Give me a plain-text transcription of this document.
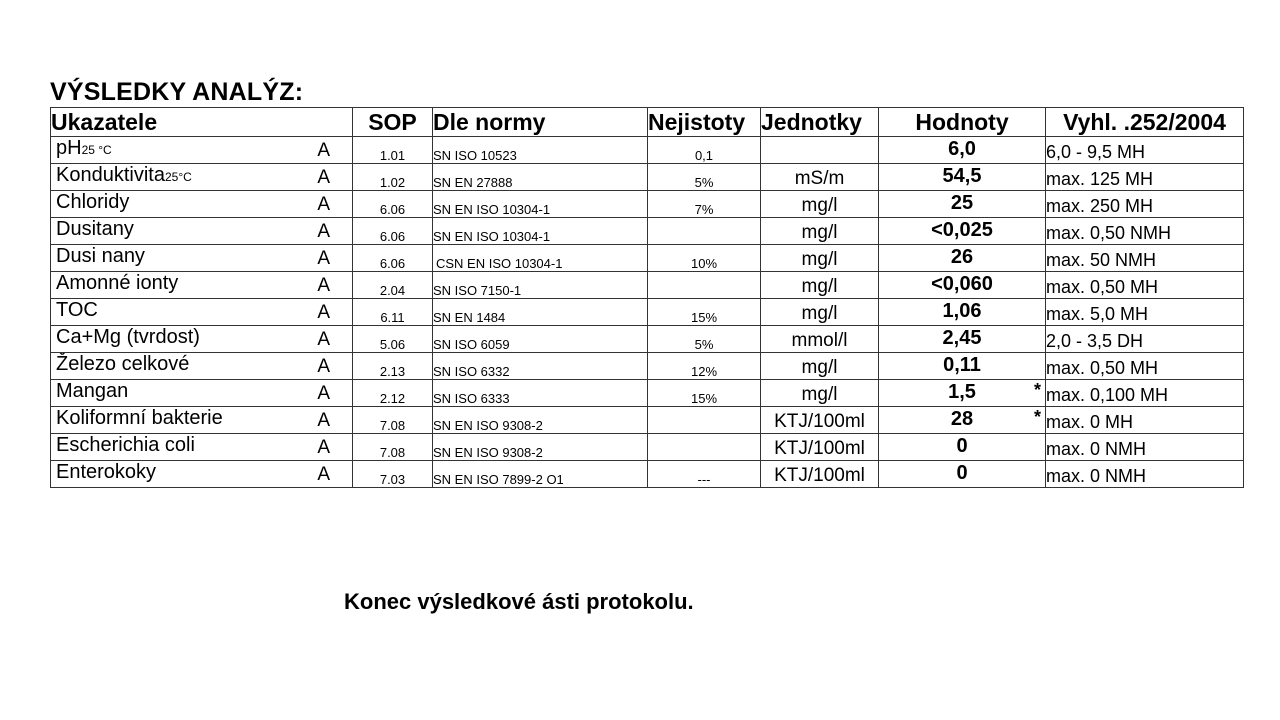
VÝSLEDKY ANALÝZ:
Ukazatele	SOP	Dle normy	Nejistoty	Jednotky	Hodnoty	Vyhl. .252/2004

pH25 °C A	1.01	SN ISO 10523	0,1		6,0	6,0 - 9,5 MH

Konduktivita25°C A	1.02	SN EN 27888	5%	mS/m	54,5	max. 125 MH

Chloridy A	6.06	SN EN ISO 10304-1	7%	mg/l	25	max. 250 MH

Dusitany A	6.06	SN EN ISO 10304-1		mg/l	<0,025	max. 0,50 NMH

Dusi nany A	6.06	CSN EN ISO 10304-1	10%	mg/l	26	max. 50 NMH

Amonné ionty A	2.04	SN ISO 7150-1		mg/l	<0,060	max. 0,50 MH

TOC A	6.11	SN EN 1484	15%	mg/l	1,06	max. 5,0 MH

Ca+Mg (tvrdost) A	5.06	SN ISO 6059	5%	mmol/l	2,45	2,0 - 3,5 DH

Železo celkové A	2.13	SN ISO 6332	12%	mg/l	0,11	max. 0,50 MH

Mangan A	2.12	SN ISO 6333	15%	mg/l	1,5 *	max. 0,100 MH

Koliformní bakterie A	7.08	SN EN ISO 9308-2		KTJ/100ml	28 *	max. 0 MH

Escherichia coli A	7.08	SN EN ISO 9308-2		KTJ/100ml	0	max. 0 NMH

Enterokoky A	7.03	SN EN ISO 7899-2 O1	---	KTJ/100ml	0	max. 0 NMH
Konec výsledkové ásti protokolu.
